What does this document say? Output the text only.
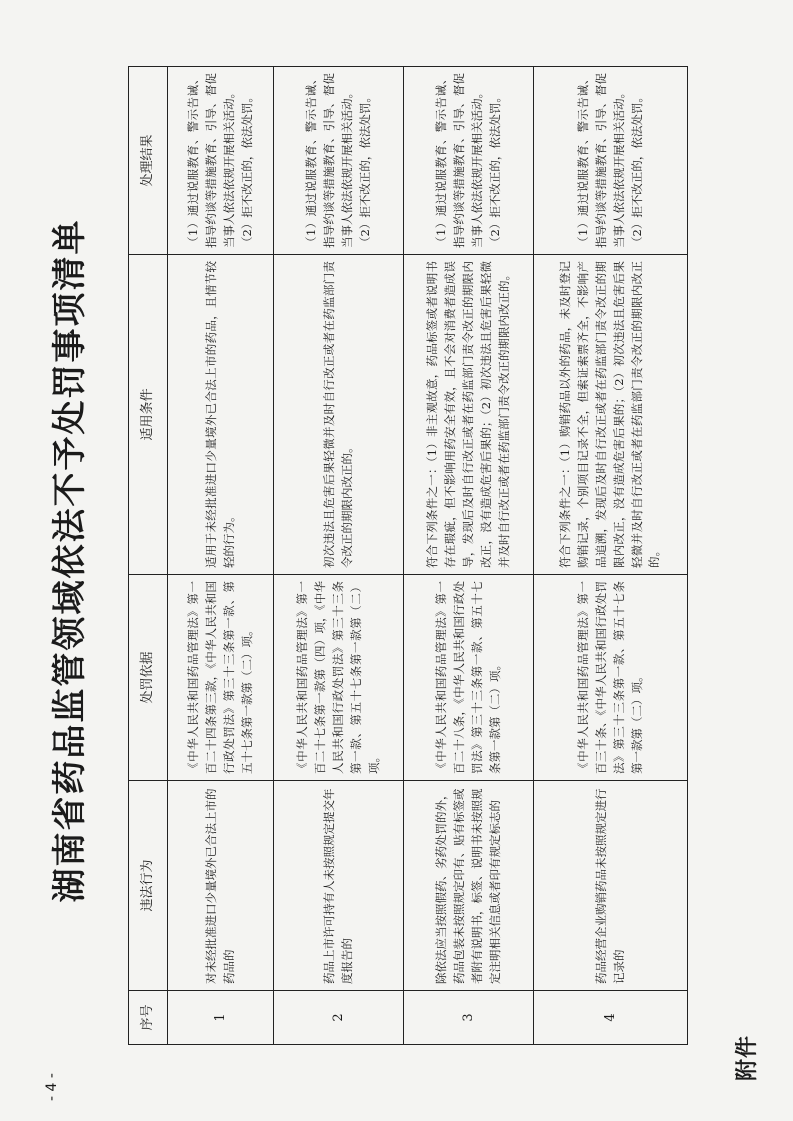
- 4 -
湖南省药品监管领域依法不予处罚事项清单
序号	违法行为	处罚依据	适用条件	处理结果
1	对未经批准进口少量境外已合法上市的药品的	《中华人民共和国药品管理法》第一百二十四条第三款，《中华人民共和国行政处罚法》第三十三条第一款、第五十七条第一款第（二）项。	适用于未经批准进口少量境外已合法上市的药品，且情节较轻的行为。	（1）通过说服教育、警示告诫、指导约谈等措施教育、引导、督促当事人依法依规开展相关活动。 （2）拒不改正的，依法处罚。

2	药品上市许可持有人未按照规定提交年度报告的	《中华人民共和国药品管理法》第一百二十七条第一款第（四）项，《中华人民共和国行政处罚法》第三十三条第一款、第五十七条第一款第（二）项。	初次违法且危害后果轻微并及时自行改正或者在药监部门责令改正的期限内改正的。	（1）通过说服教育、警示告诫、指导约谈等措施教育、引导、督促当事人依法依规开展相关活动。 （2）拒不改正的，依法处罚。

3	除依法应当按照假药、劣药处罚的外，药品包装未按照规定印有、贴有标签或者附有说明书，标签、说明书未按照规定注明相关信息或者印有规定标志的	《中华人民共和国药品管理法》第一百二十八条，《中华人民共和国行政处罚法》第三十三条第一款、第五十七条第一款第（二）项。	符合下列条件之一：（1）非主观故意，药品标签或者说明书存在瑕疵，但不影响用药安全有效，且不会对消费者造成误导，发现后及时自行改正或者在药监部门责令改正的期限内改正，没有造成危害后果的；（2）初次违法且危害后果轻微并及时自行改正或者在药监部门责令改正的期限内改正的。	（1）通过说服教育、警示告诫、指导约谈等措施教育、引导、督促当事人依法依规开展相关活动。 （2）拒不改正的，依法处罚。

4	药品经营企业购销药品未按照规定进行记录的	《中华人民共和国药品管理法》第一百三十条、《中华人民共和国行政处罚法》第三十三条第一款、第五十七条第一款第（二）项。	符合下列条件之一：（1）购销药品以外的药品，未及时登记购销记录，个别项目记录不全，但索证索票齐全，不影响产品追溯，发现后及时自行改正或者在药监部门责令改正的期限内改正，没有造成危害后果的；（2）初次违法且危害后果轻微并及时自行改正或者在药监部门责令改正的期限内改正的。	（1）通过说服教育、警示告诫、指导约谈等措施教育、引导、督促当事人依法依规开展相关活动。 （2）拒不改正的，依法处罚。

附件
